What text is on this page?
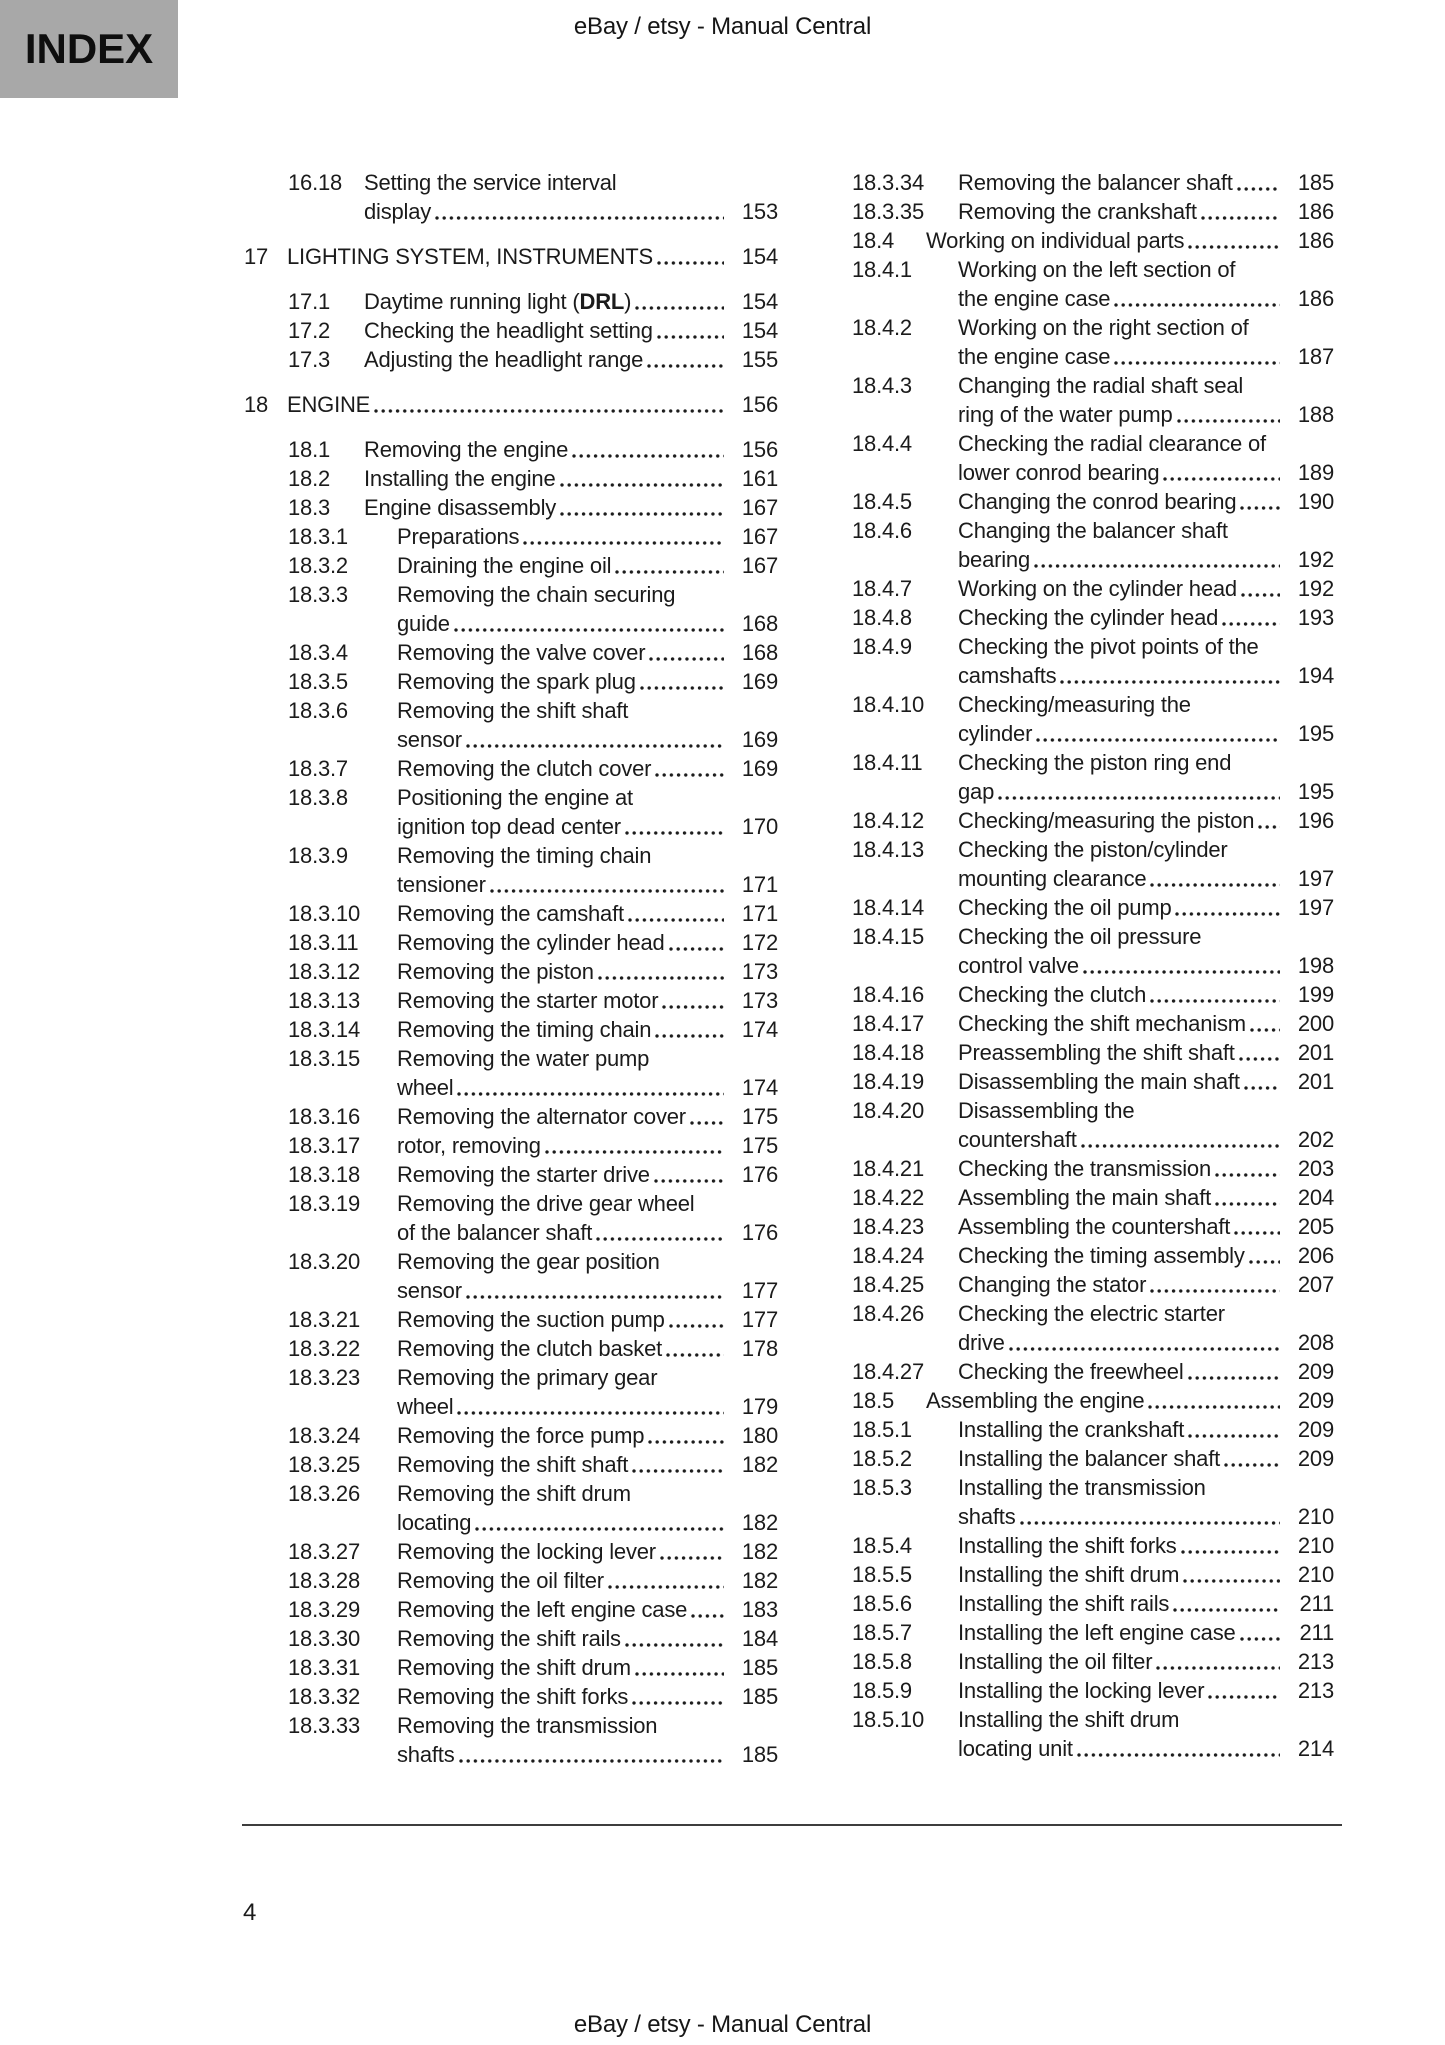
INDEX	eBay / etsy - Manual Central
16.18 Setting the service interval
display	153
17 LIGHTING SYSTEM, INSTRUMENTS	154
17.1 Daytime running light (DRL)	154
17.2 Checking the headlight setting	154
17.3 Adjusting the headlight range	155
18 ENGINE	156
18.1 Removing the engine	156
18.2 Installing the engine	161
18.3 Engine disassembly	167
18.3.1 Preparations	167
18.3.2 Draining the engine oil	167
18.3.3 Removing the chain securing
guide	168
18.3.4 Removing the valve cover	168
18.3.5 Removing the spark plug	169
18.3.6 Removing the shift shaft
sensor	169
18.3.7 Removing the clutch cover	169
18.3.8 Positioning the engine at
ignition top dead center	170
18.3.9 Removing the timing chain
tensioner	171
18.3.10 Removing the camshaft	171
18.3.11 Removing the cylinder head	172
18.3.12 Removing the piston	173
18.3.13 Removing the starter motor	173
18.3.14 Removing the timing chain	174
18.3.15 Removing the water pump
wheel	174
18.3.16 Removing the alternator cover	175
18.3.17 rotor, removing	175
18.3.18 Removing the starter drive	176
18.3.19 Removing the drive gear wheel
of the balancer shaft	176
18.3.20 Removing the gear position
sensor	177
18.3.21 Removing the suction pump	177
18.3.22 Removing the clutch basket	178
18.3.23 Removing the primary gear
wheel	179
18.3.24 Removing the force pump	180
18.3.25 Removing the shift shaft	182
18.3.26 Removing the shift drum
locating	182
18.3.27 Removing the locking lever	182
18.3.28 Removing the oil filter	182
18.3.29 Removing the left engine case	183
18.3.30 Removing the shift rails	184
18.3.31 Removing the shift drum	185
18.3.32 Removing the shift forks	185
18.3.33 Removing the transmission
shafts	185
18.3.34 Removing the balancer shaft	185
18.3.35 Removing the crankshaft	186
18.4 Working on individual parts	186
18.4.1 Working on the left section of
the engine case	186
18.4.2 Working on the right section of
the engine case	187
18.4.3 Changing the radial shaft seal
ring of the water pump	188
18.4.4 Checking the radial clearance of
lower conrod bearing	189
18.4.5 Changing the conrod bearing	190
18.4.6 Changing the balancer shaft
bearing	192
18.4.7 Working on the cylinder head	192
18.4.8 Checking the cylinder head	193
18.4.9 Checking the pivot points of the
camshafts	194
18.4.10 Checking/measuring the
cylinder	195
18.4.11 Checking the piston ring end
gap	195
18.4.12 Checking/measuring the piston	196
18.4.13 Checking the piston/cylinder
mounting clearance	197
18.4.14 Checking the oil pump	197
18.4.15 Checking the oil pressure
control valve	198
18.4.16 Checking the clutch	199
18.4.17 Checking the shift mechanism	200
18.4.18 Preassembling the shift shaft	201
18.4.19 Disassembling the main shaft	201
18.4.20 Disassembling the
countershaft	202
18.4.21 Checking the transmission	203
18.4.22 Assembling the main shaft	204
18.4.23 Assembling the countershaft	205
18.4.24 Checking the timing assembly	206
18.4.25 Changing the stator	207
18.4.26 Checking the electric starter
drive	208
18.4.27 Checking the freewheel	209
18.5 Assembling the engine	209
18.5.1 Installing the crankshaft	209
18.5.2 Installing the balancer shaft	209
18.5.3 Installing the transmission
shafts	210
18.5.4 Installing the shift forks	210
18.5.5 Installing the shift drum	210
18.5.6 Installing the shift rails	211
18.5.7 Installing the left engine case	211
18.5.8 Installing the oil filter	213
18.5.9 Installing the locking lever	213
18.5.10 Installing the shift drum
locating unit	214
4
eBay / etsy - Manual Central
